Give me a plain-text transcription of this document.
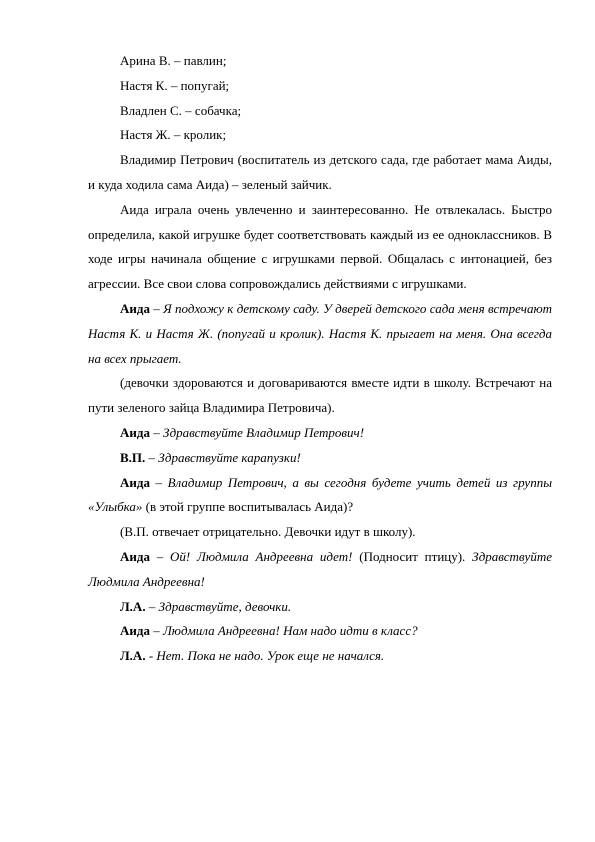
Арина В. – павлин;

Настя К. – попугай;

Владлен С. – собачка;

Настя Ж. – кролик;

Владимир Петрович (воспитатель из детского сада, где работает мама Аиды, и куда ходила сама Аида) – зеленый зайчик.

Аида играла очень увлеченно и заинтересованно. Не отвлекалась. Быстро определила, какой игрушке будет соответствовать каждый из ее одноклассников. В ходе игры начинала общение с игрушками первой. Общалась с интонацией, без агрессии. Все свои слова сопровождались действиями с игрушками.

Аида – Я подхожу к детскому саду. У дверей детского сада меня встречают Настя К. и Настя Ж. (попугай и кролик). Настя К. прыгает на меня. Она всегда на всех прыгает.

(девочки здороваются и договариваются вместе идти в школу. Встречают на пути зеленого зайца Владимира Петровича).

Аида – Здравствуйте Владимир Петрович!

В.П. – Здравствуйте карапузки!

Аида – Владимир Петрович, а вы сегодня будете учить детей из группы «Улыбка» (в этой группе воспитывалась Аида)?

(В.П. отвечает отрицательно. Девочки идут в школу).

Аида – Ой! Людмила Андреевна идет! (Подносит птицу). Здравствуйте Людмила Андреевна!

Л.А. – Здравствуйте, девочки.

Аида – Людмила Андреевна! Нам надо идти в класс?

Л.А. - Нет. Пока не надо. Урок еще не начался.
